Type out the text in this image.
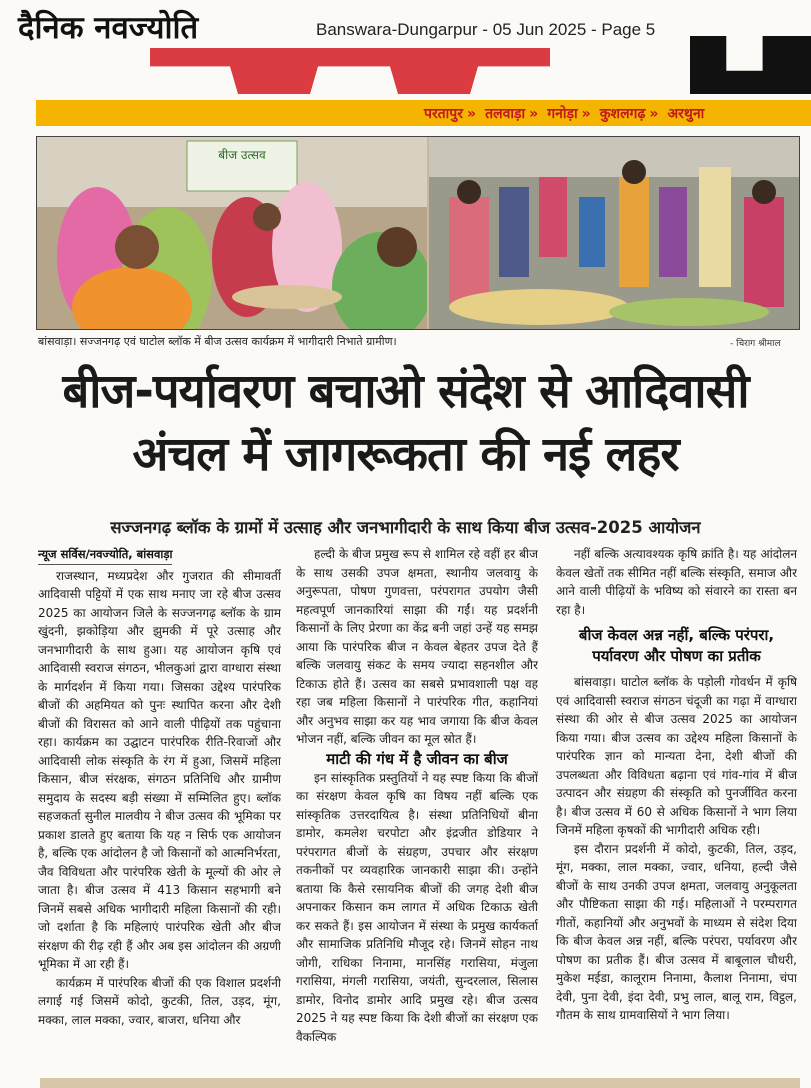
दैनिक नवज्योति	Banswara-Dungarpur - 05 Jun 2025 - Page 5
परतापुर » तलवाड़ा » गनोड़ा » कुशलगढ़ » अरथुना
बीज उत्सव
बांसवाड़ा। सज्जनगढ़ एवं घाटोल ब्लॉक में बीज उत्सव कार्यक्रम में भागीदारी निभाते ग्रामीण।	- चिराग श्रीमाल
बीज-पर्यावरण बचाओ संदेश से आदिवासी
अंचल में जागरूकता की नई लहर
सज्जनगढ़ ब्लॉक के ग्रामों में उत्साह और जनभागीदारी के साथ किया बीज उत्सव-2025 आयोजन
न्यूज सर्विस/नवज्योति, बांसवाड़ा

राजस्थान, मध्यप्रदेश और गुजरात की सीमावर्ती आदिवासी पट्टियों में एक साथ मनाए जा रहे बीज उत्सव 2025 का आयोजन जिले के सज्जनगढ़ ब्लॉक के ग्राम खुंदनी, झकोड़िया और झुमकी में पूरे उत्साह और जनभागीदारी के साथ हुआ। यह आयोजन कृषि एवं आदिवासी स्वराज संगठन, भीलकुआं द्वारा वाग्धारा संस्था के मार्गदर्शन में किया गया। जिसका उद्देश्य पारंपरिक बीजों की अहमियत को पुनः स्थापित करना और देशी बीजों की विरासत को आने वाली पीढ़ियों तक पहुंचाना रहा। कार्यक्रम का उद्घाटन पारंपरिक रीति-रिवाजों और आदिवासी लोक संस्कृति के रंग में हुआ, जिसमें महिला किसान, बीज संरक्षक, संगठन प्रतिनिधि और ग्रामीण समुदाय के सदस्य बड़ी संख्या में सम्मिलित हुए। ब्लॉक सहजकर्ता सुनील मालवीय ने बीज उत्सव की भूमिका पर प्रकाश डालते हुए बताया कि यह न सिर्फ एक आयोजन है, बल्कि एक आंदोलन है जो किसानों को आत्मनिर्भरता, जैव विविधता और पारंपरिक खेती के मूल्यों की ओर ले जाता है। बीज उत्सव में 413 किसान सहभागी बने जिनमें सबसे अधिक भागीदारी महिला किसानों की रही। जो दर्शाता है कि महिलाएं पारंपरिक खेती और बीज संरक्षण की रीढ़ रही हैं और अब इस आंदोलन की अग्रणी भूमिका में आ रही हैं।

कार्यक्रम में पारंपरिक बीजों की एक विशाल प्रदर्शनी लगाई गई जिसमें कोदो, कुटकी, तिल, उड़द, मूंग, मक्का, लाल मक्का, ज्वार, बाजरा, धनिया और

हल्दी के बीज प्रमुख रूप से शामिल रहे वहीं हर बीज के साथ उसकी उपज क्षमता, स्थानीय जलवायु के अनुरूपता, पोषण गुणवत्ता, परंपरागत उपयोग जैसी महत्वपूर्ण जानकारियां साझा की गईं। यह प्रदर्शनी किसानों के लिए प्रेरणा का केंद्र बनी जहां उन्हें यह समझ आया कि पारंपरिक बीज न केवल बेहतर उपज देते हैं बल्कि जलवायु संकट के समय ज्यादा सहनशील और टिकाऊ होते हैं। उत्सव का सबसे प्रभावशाली पक्ष वह रहा जब महिला किसानों ने पारंपरिक गीत, कहानियां और अनुभव साझा कर यह भाव जगाया कि बीज केवल भोजन नहीं, बल्कि जीवन का मूल स्रोत हैं।

माटी की गंध में है जीवन का बीज

इन सांस्कृतिक प्रस्तुतियों ने यह स्पष्ट किया कि बीजों का संरक्षण केवल कृषि का विषय नहीं बल्कि एक सांस्कृतिक उत्तरदायित्व है। संस्था प्रतिनिधियों बीना डामोर, कमलेश चरपोटा और इंद्रजीत डोडियार ने परंपरागत बीजों के संग्रहण, उपचार और संरक्षण तकनीकों पर व्यवहारिक जानकारी साझा की। उन्होंने बताया कि कैसे रसायनिक बीजों की जगह देशी बीज अपनाकर किसान कम लागत में अधिक टिकाऊ खेती कर सकते हैं। इस आयोजन में संस्था के प्रमुख कार्यकर्ता और सामाजिक प्रतिनिधि मौजूद रहे। जिनमें सोहन नाथ जोगी, राधिका निनामा, मानसिंह गरासिया, मंजुला गरासिया, मंगली गरासिया, जयंती, सुन्दरलाल, सिलास डामोर, विनोद डामोर आदि प्रमुख रहे। बीज उत्सव 2025 ने यह स्पष्ट किया कि देशी बीजों का संरक्षण एक वैकल्पिक

नहीं बल्कि अत्यावश्यक कृषि क्रांति है। यह आंदोलन केवल खेतों तक सीमित नहीं बल्कि संस्कृति, समाज और आने वाली पीढ़ियों के भविष्य को संवारने का रास्ता बन रहा है।

बीज केवल अन्न नहीं, बल्कि परंपरा, पर्यावरण और पोषण का प्रतीक

बांसवाड़ा। घाटोल ब्लॉक के पड़ोली गोवर्धन में कृषि एवं आदिवासी स्वराज संगठन चंदूजी का गढ़ा में वाग्धारा संस्था की ओर से बीज उत्सव 2025 का आयोजन किया गया। बीज उत्सव का उद्देश्य महिला किसानों के पारंपरिक ज्ञान को मान्यता देना, देशी बीजों की उपलब्धता और विविधता बढ़ाना एवं गांव-गांव में बीज उत्पादन और संग्रहण की संस्कृति को पुनर्जीवित करना है। बीज उत्सव में 60 से अधिक किसानों ने भाग लिया जिनमें महिला कृषकों की भागीदारी अधिक रही।

इस दौरान प्रदर्शनी में कोदो, कुटकी, तिल, उड़द, मूंग, मक्का, लाल मक्का, ज्वार, धनिया, हल्दी जैसे बीजों के साथ उनकी उपज क्षमता, जलवायु अनुकूलता और पौष्टिकता साझा की गई। महिलाओं ने परम्परागत गीतों, कहानियों और अनुभवों के माध्यम से संदेश दिया कि बीज केवल अन्न नहीं, बल्कि परंपरा, पर्यावरण और पोषण का प्रतीक हैं। बीज उत्सव में बाबूलाल चौधरी, मुकेश मईडा, कालूराम निनामा, कैलाश निनामा, चंपा देवी, पुना देवी, इंदा देवी, प्रभु लाल, बालू राम, विट्ठल, गौतम के साथ ग्रामवासियों ने भाग लिया।
